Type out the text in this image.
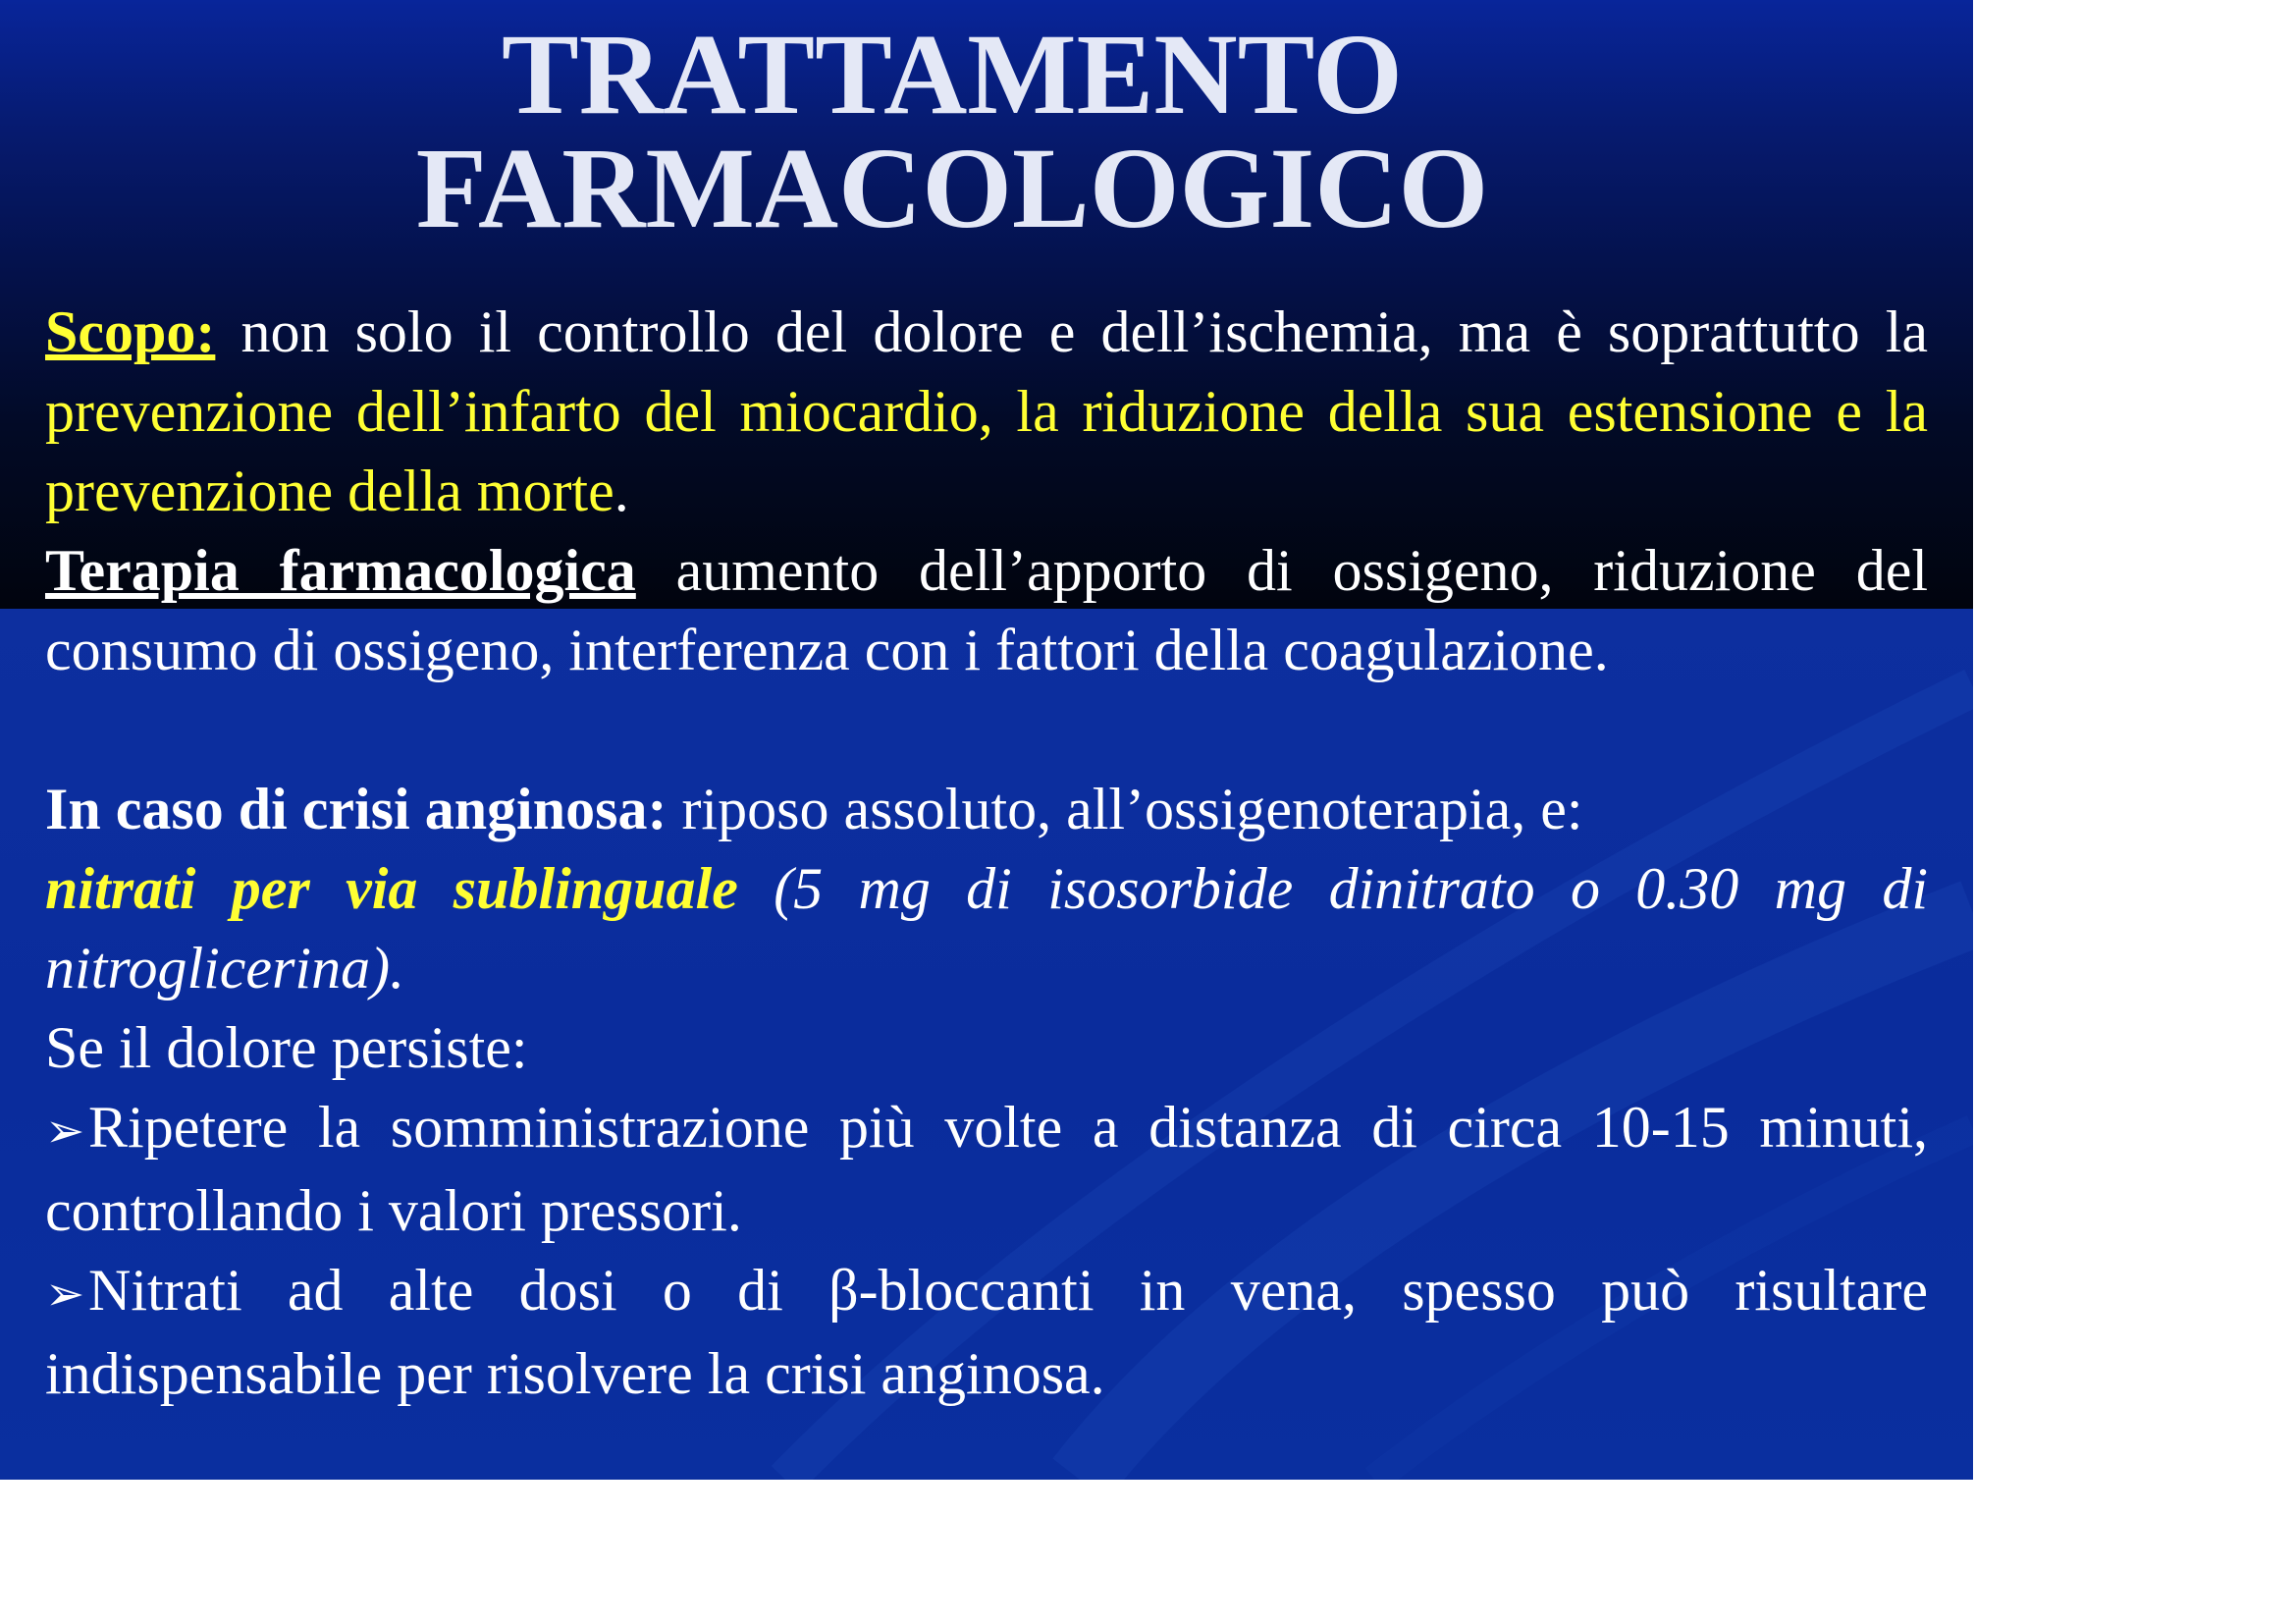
TRATTAMENTO
FARMACOLOGICO

Scopo: non solo il controllo del dolore e dell’ischemia, ma è soprattutto la prevenzione dell’infarto del miocardio, la riduzione della sua estensione e la prevenzione della morte.

Terapia farmacologica aumento dell’apporto di ossigeno, riduzione del consumo di ossigeno, interferenza con i fattori della coagulazione.

In caso di crisi anginosa: riposo assoluto, all’ossigenoterapia, e:

nitrati per via sublinguale (5 mg di isosorbide dinitrato o 0.30 mg di nitroglicerina).

Se il dolore persiste:

➢Ripetere la somministrazione più volte a distanza di circa 10-15 minuti, controllando i valori pressori.

➢Nitrati ad alte dosi o di β-bloccanti in vena, spesso può risultare indispensabile per risolvere la crisi anginosa.
